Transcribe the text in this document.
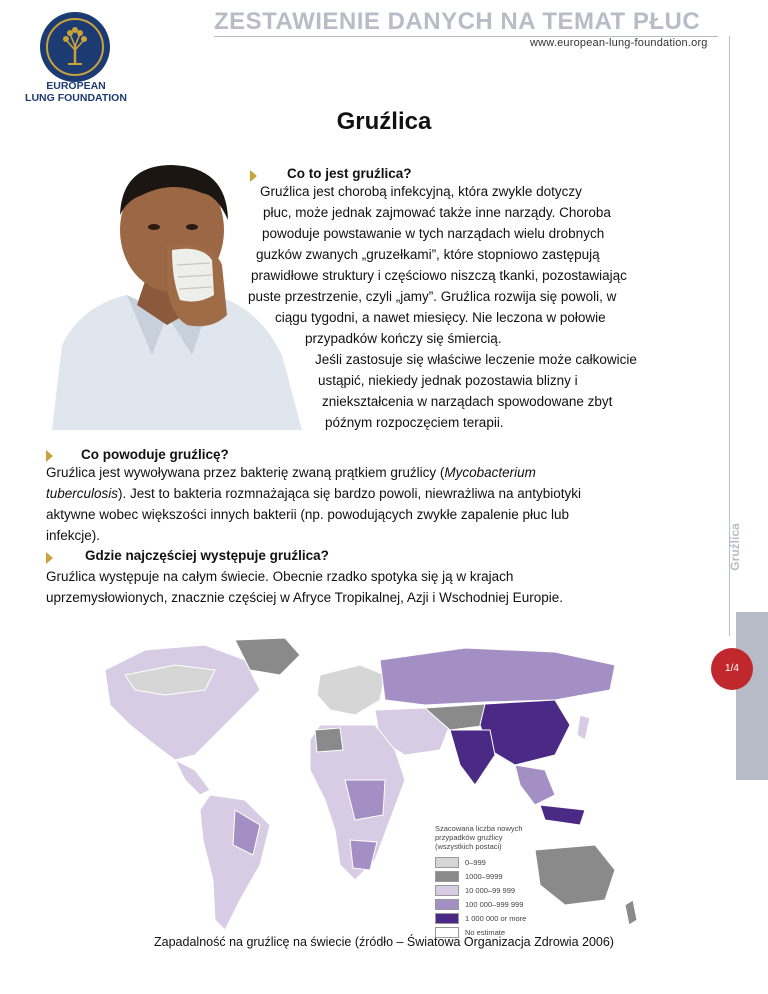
EUROPEAN
LUNG FOUNDATION
ZESTAWIENIE DANYCH NA TEMAT PŁUC
www.european-lung-foundation.org
Gruźlica
1/4
Gruźlica
Co to jest gruźlica?
Gruźlica jest chorobą infekcyjną, która zwykle dotyczy
płuc, może jednak zajmować także inne narządy. Choroba
powoduje powstawanie w tych narządach wielu drobnych
guzków zwanych „gruzełkami”, które stopniowo zastępują
prawidłowe struktury i częściowo niszczą tkanki, pozostawiając
puste przestrzenie, czyli „jamy”. Gruźlica rozwija się powoli, w
ciągu tygodni, a nawet miesięcy. Nie leczona w połowie
przypadków kończy się śmiercią.
Jeśli zastosuje się właściwe leczenie może całkowicie
ustąpić, niekiedy jednak pozostawia blizny i
zniekształcenia w narządach spowodowane zbyt
późnym rozpoczęciem terapii.
Co powoduje gruźlicę?
Gruźlica jest wywoływana przez bakterię zwaną prątkiem gruźlicy (Mycobacterium
tuberculosis). Jest to bakteria rozmnażająca się bardzo powoli, niewrażliwa na antybiotyki
aktywne wobec większości innych bakterii (np. powodujących zwykłe zapalenie płuc lub
infekcje).
Gdzie najczęściej występuje gruźlica?
Gruźlica występuje na całym świecie. Obecnie rzadko spotyka się ją w krajach
uprzemysłowionych, znacznie częściej w Afryce Tropikalnej, Azji i Wschodniej Europie.
Szacowana liczba nowych
przypadków gruźlicy
(wszystkich postaci)
0–999
1000–9999
10 000–99 999
100 000–999 999
1 000 000 or more
No estimate
Zapadalność na gruźlicę na świecie (źródło – Światowa Organizacja Zdrowia 2006)
